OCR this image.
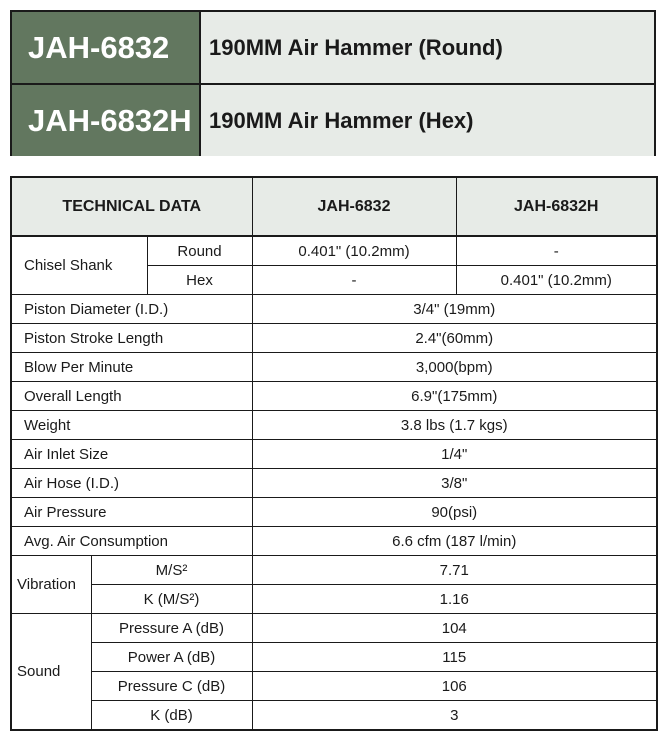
JAH-6832	190MM Air Hammer (Round)
JAH-6832H 190MM Air Hammer (Hex)
TECHNICAL DATA			JAH-6832	JAH-6832H
Chisel Shank		Round	0.401" (10.2mm)	-
		Hex	-	0.401" (10.2mm)
Piston Diameter (I.D.)			3/4" (19mm)	
Piston Stroke Length			2.4"(60mm)	
Blow Per Minute			3,000(bpm)	
Overall Length			6.9"(175mm)	
Weight			3.8 lbs (1.7 kgs)	
Air Inlet Size			1/4"	
Air Hose (I.D.)			3/8"	
Air Pressure			90(psi)	
Avg. Air Consumption			6.6 cfm (187 l/min)	
Vibration	M/S²		7.71	
	K (M/S²)		1.16	
Sound	Pressure A (dB)		104	
	Power A (dB)		115	
	Pressure C (dB)		106	
	K (dB)		3	
